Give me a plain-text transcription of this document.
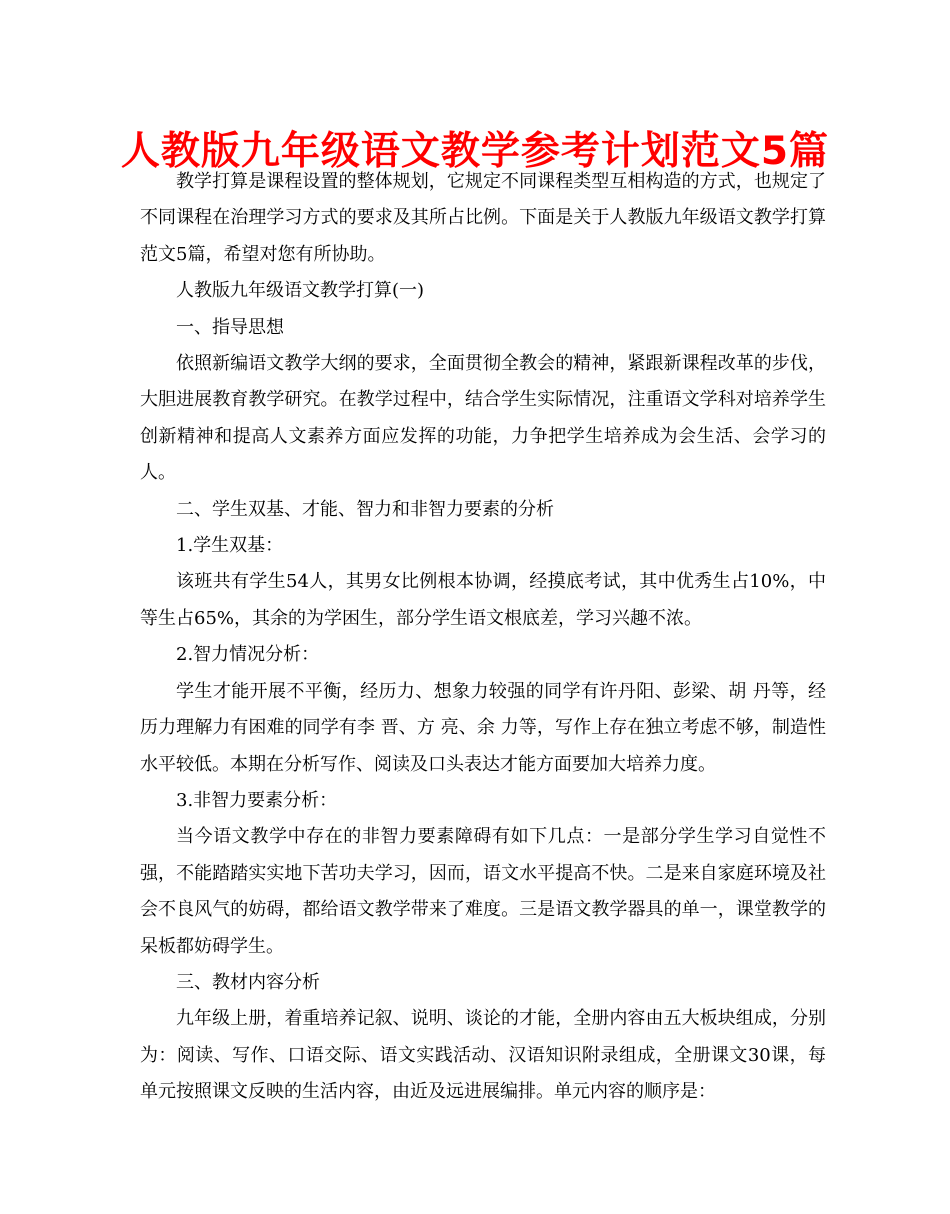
人教版九年级语文教学参考计划范文5篇

教学打算是课程设置的整体规划，它规定不同课程类型互相构造的方式，也规定了不同课程在治理学习方式的要求及其所占比例。下面是关于人教版九年级语文教学打算范文5篇，希望对您有所协助。

人教版九年级语文教学打算(一)

一、指导思想

依照新编语文教学大纲的要求，全面贯彻全教会的精神，紧跟新课程改革的步伐，大胆进展教育教学研究。在教学过程中，结合学生实际情况，注重语文学科对培养学生创新精神和提高人文素养方面应发挥的功能，力争把学生培养成为会生活、会学习的人。

二、学生双基、才能、智力和非智力要素的分析

1.学生双基：

该班共有学生54人，其男女比例根本协调，经摸底考试，其中优秀生占10%，中等生占65%，其余的为学困生，部分学生语文根底差，学习兴趣不浓。

2.智力情况分析：

学生才能开展不平衡，经历力、想象力较强的同学有许丹阳、彭梁、胡 丹等，经历力理解力有困难的同学有李 晋、方 亮、余 力等，写作上存在独立考虑不够，制造性水平较低。本期在分析写作、阅读及口头表达才能方面要加大培养力度。

3.非智力要素分析：

当今语文教学中存在的非智力要素障碍有如下几点：一是部分学生学习自觉性不强，不能踏踏实实地下苦功夫学习，因而，语文水平提高不快。二是来自家庭环境及社会不良风气的妨碍，都给语文教学带来了难度。三是语文教学器具的单一，课堂教学的呆板都妨碍学生。

三、教材内容分析

九年级上册，着重培养记叙、说明、谈论的才能，全册内容由五大板块组成，分别为：阅读、写作、口语交际、语文实践活动、汉语知识附录组成，全册课文30课，每单元按照课文反映的生活内容，由近及远进展编排。单元内容的顺序是：
